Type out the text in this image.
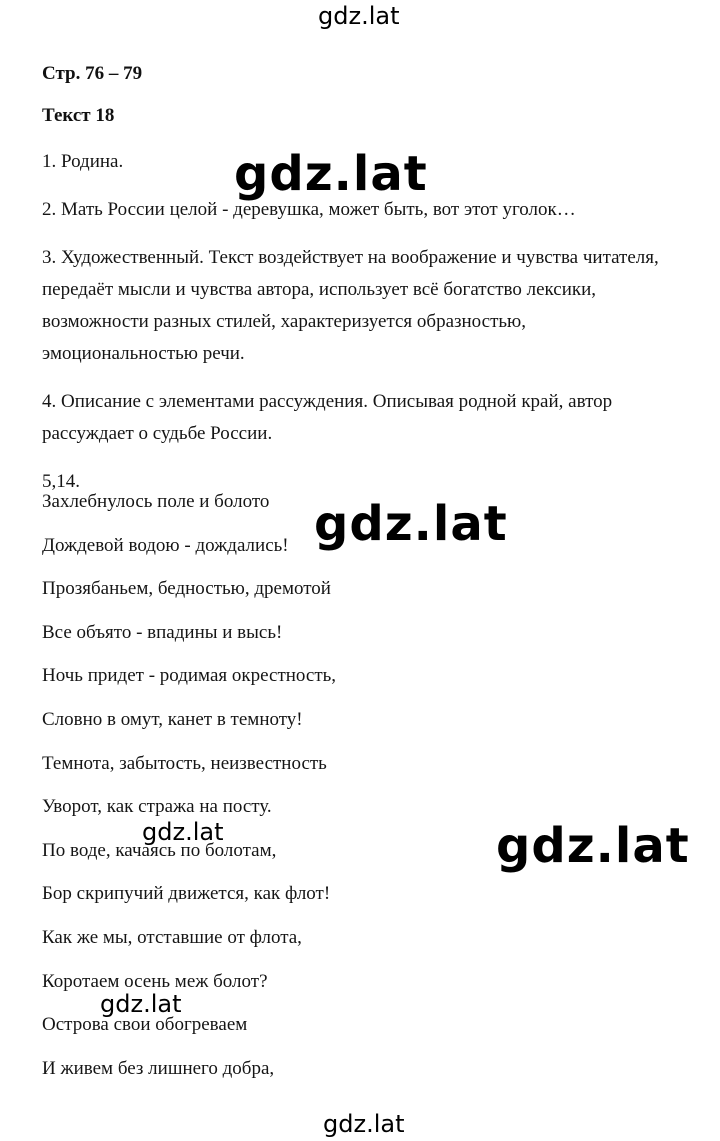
Стр. 76 – 79
Текст 18

1. Родина.

2. Мать России целой - деревушка, может быть, вот этот уголок…

3. Художественный. Текст воздействует на воображение и чувства читателя, передаёт мысли и чувства автора, использует всё богатство лексики, возможности разных стилей, характеризуется образностью, эмоциональностью речи.

4. Описание с элементами рассуждения. Описывая родной край, автор рассуждает о судьбе России.

5,14.

Захлебнулось поле и болото
Дождевой водою - дождались!
Прозябаньем, бедностью, дремотой
Все объято - впадины и высь!
Ночь придет - родимая окрестность,
Словно в омут, канет в темноту!
Темнота, забытость, неизвестность
Уворот, как стража на посту.
По воде, качаясь по болотам,
Бор скрипучий движется, как флот!
Как же мы, отставшие от флота,
Коротаем осень меж болот?
Острова свои обогреваем
И живем без лишнего добра,
gdz.lat
gdz.lat
gdz.lat
gdz.lat
gdz.lat
gdz.lat
gdz.lat
